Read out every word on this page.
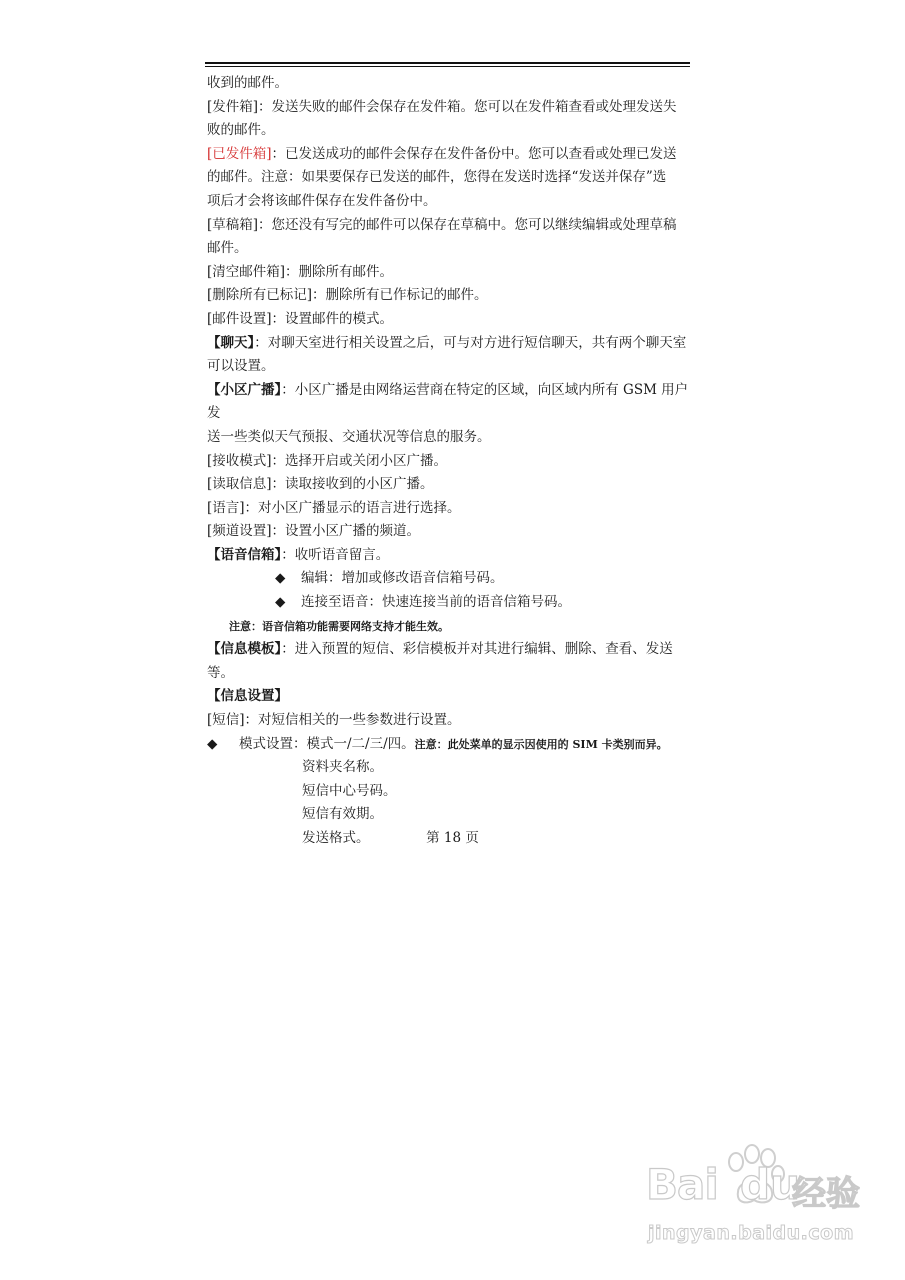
收到的邮件。

[发件箱]：发送失败的邮件会保存在发件箱。您可以在发件箱查看或处理发送失

败的邮件。

[已发件箱]：已发送成功的邮件会保存在发件备份中。您可以查看或处理已发送

的邮件。注意：如果要保存已发送的邮件，您得在发送时选择“发送并保存”选

项后才会将该邮件保存在发件备份中。

[草稿箱]：您还没有写完的邮件可以保存在草稿中。您可以继续编辑或处理草稿

邮件。

[清空邮件箱]：删除所有邮件。

[删除所有已标记]：删除所有已作标记的邮件。

[邮件设置]：设置邮件的模式。

【聊天】：对聊天室进行相关设置之后，可与对方进行短信聊天，共有两个聊天室

可以设置。

【小区广播】：小区广播是由网络运营商在特定的区域，向区域内所有 GSM 用户发

送一些类似天气预报、交通状况等信息的服务。

[接收模式]：选择开启或关闭小区广播。

[读取信息]：读取接收到的小区广播。

[语言]：对小区广播显示的语言进行选择。

[频道设置]：设置小区广播的频道。

【语音信箱】：收听语音留言。

◆ 编辑：增加或修改语音信箱号码。

◆ 连接至语音：快速连接当前的语音信箱号码。

注意：语音信箱功能需要网络支持才能生效。

【信息模板】：进入预置的短信、彩信模板并对其进行编辑、删除、查看、发送等。

【信息设置】

[短信]：对短信相关的一些参数进行设置。

◆ 模式设置：模式一/二/三/四。注意：此处菜单的显示因使用的 SIM 卡类别而异。

资料夹名称。

短信中心号码。

短信有效期。

发送格式。	第 18 页
Bai du
经验
jingyan.baidu.com
